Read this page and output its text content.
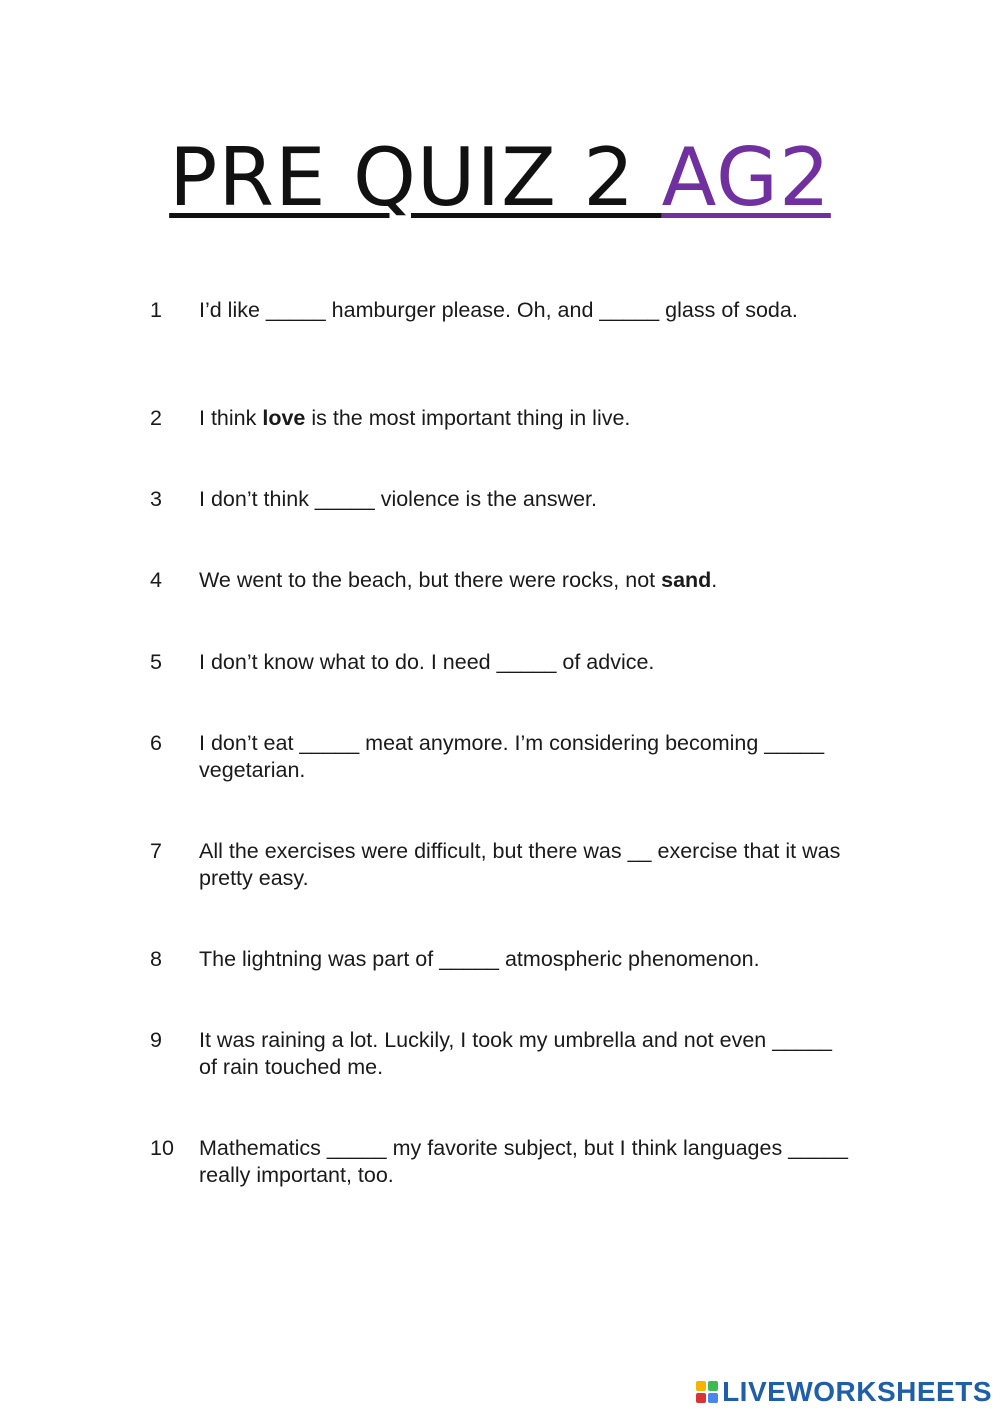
PRE QUIZ 2 AG2
1	I’d like _____ hamburger please. Oh, and _____ glass of soda.
2	I think love is the most important thing in live.
3	I don’t think _____ violence is the answer.
4	We went to the beach, but there were rocks, not sand.
5	I don’t know what to do. I need _____ of advice.
6	I don’t eat _____ meat anymore. I’m considering becoming _____ vegetarian.
7	All the exercises were difficult, but there was __ exercise that it was pretty easy.
8	The lightning was part of _____ atmospheric phenomenon.
9	It was raining a lot. Luckily, I took my umbrella and not even _____ of rain touched me.
10	Mathematics _____ my favorite subject, but I think languages _____ really important, too.
LIVEWORKSHEETS
